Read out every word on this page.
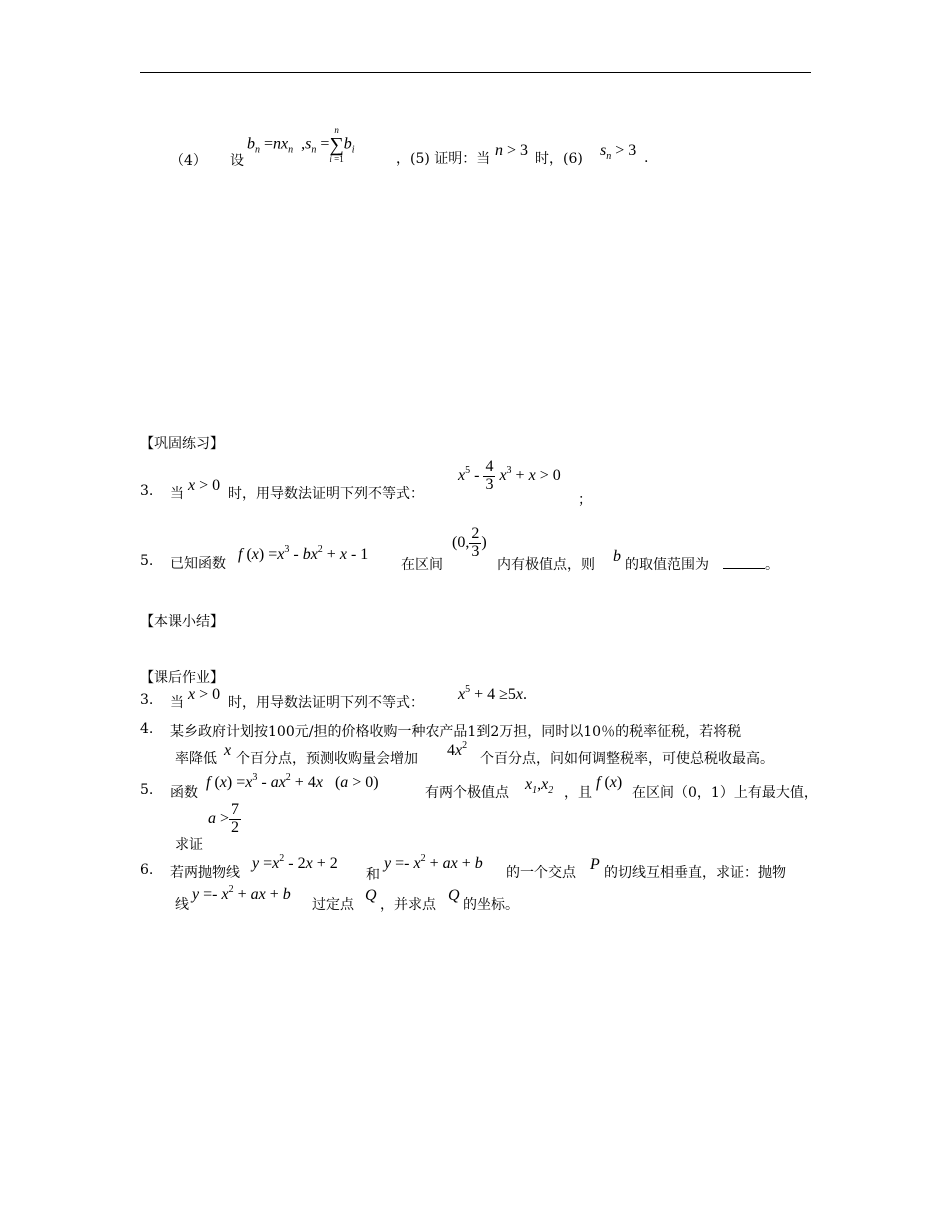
（4） 设
$b_n =nx_n$ $,s_n$ =
n
∑
i =1
$b_i$
，(5) 证明：当 n > 3 时，(6) $s_n > 3$ .
【巩固练习】
3. 当 x > 0 时，用导数法证明下列不等式：
$x^5 - \frac{4}{3} x^3 + x > 0$
；
5. 已知函数
f $(x) =x^3 - bx^2 + x - 1$
在区间
(0, $\frac{2}{3}$ )
内有极值点，则 b 的取值范围为	。
【本课小结】
【课后作业】
3. 当 x > 0 时，用导数法证明下列不等式： $x^5 + 4 \ge 5x$.
4. 某乡政府计划按100元/担的价格收购一种农产品1到2万担，同时以10％的税率征税，若将税
率降低 x 个百分点，预测收购量会增加 $4x^2$
个百分点，问如何调整税率，可使总税收最高。
5. 函数
f $(x) =x^3 - ax^2 + 4x$   (a > 0)
有两个极值点 $x_1,x_2$ ，且
f (x)
在区间（0，1）上有最大值，
求证
$a > \frac{7}{2}$
6. 若两抛物线
$y =x^2 - 2x + 2$
和
$y =- x^2$ + ax + b
的一个交点 P 的切线互相垂直，求证：抛物
线
$y =- x^2$ + ax + b
过定点
Q
，并求点
Q
的坐标。
